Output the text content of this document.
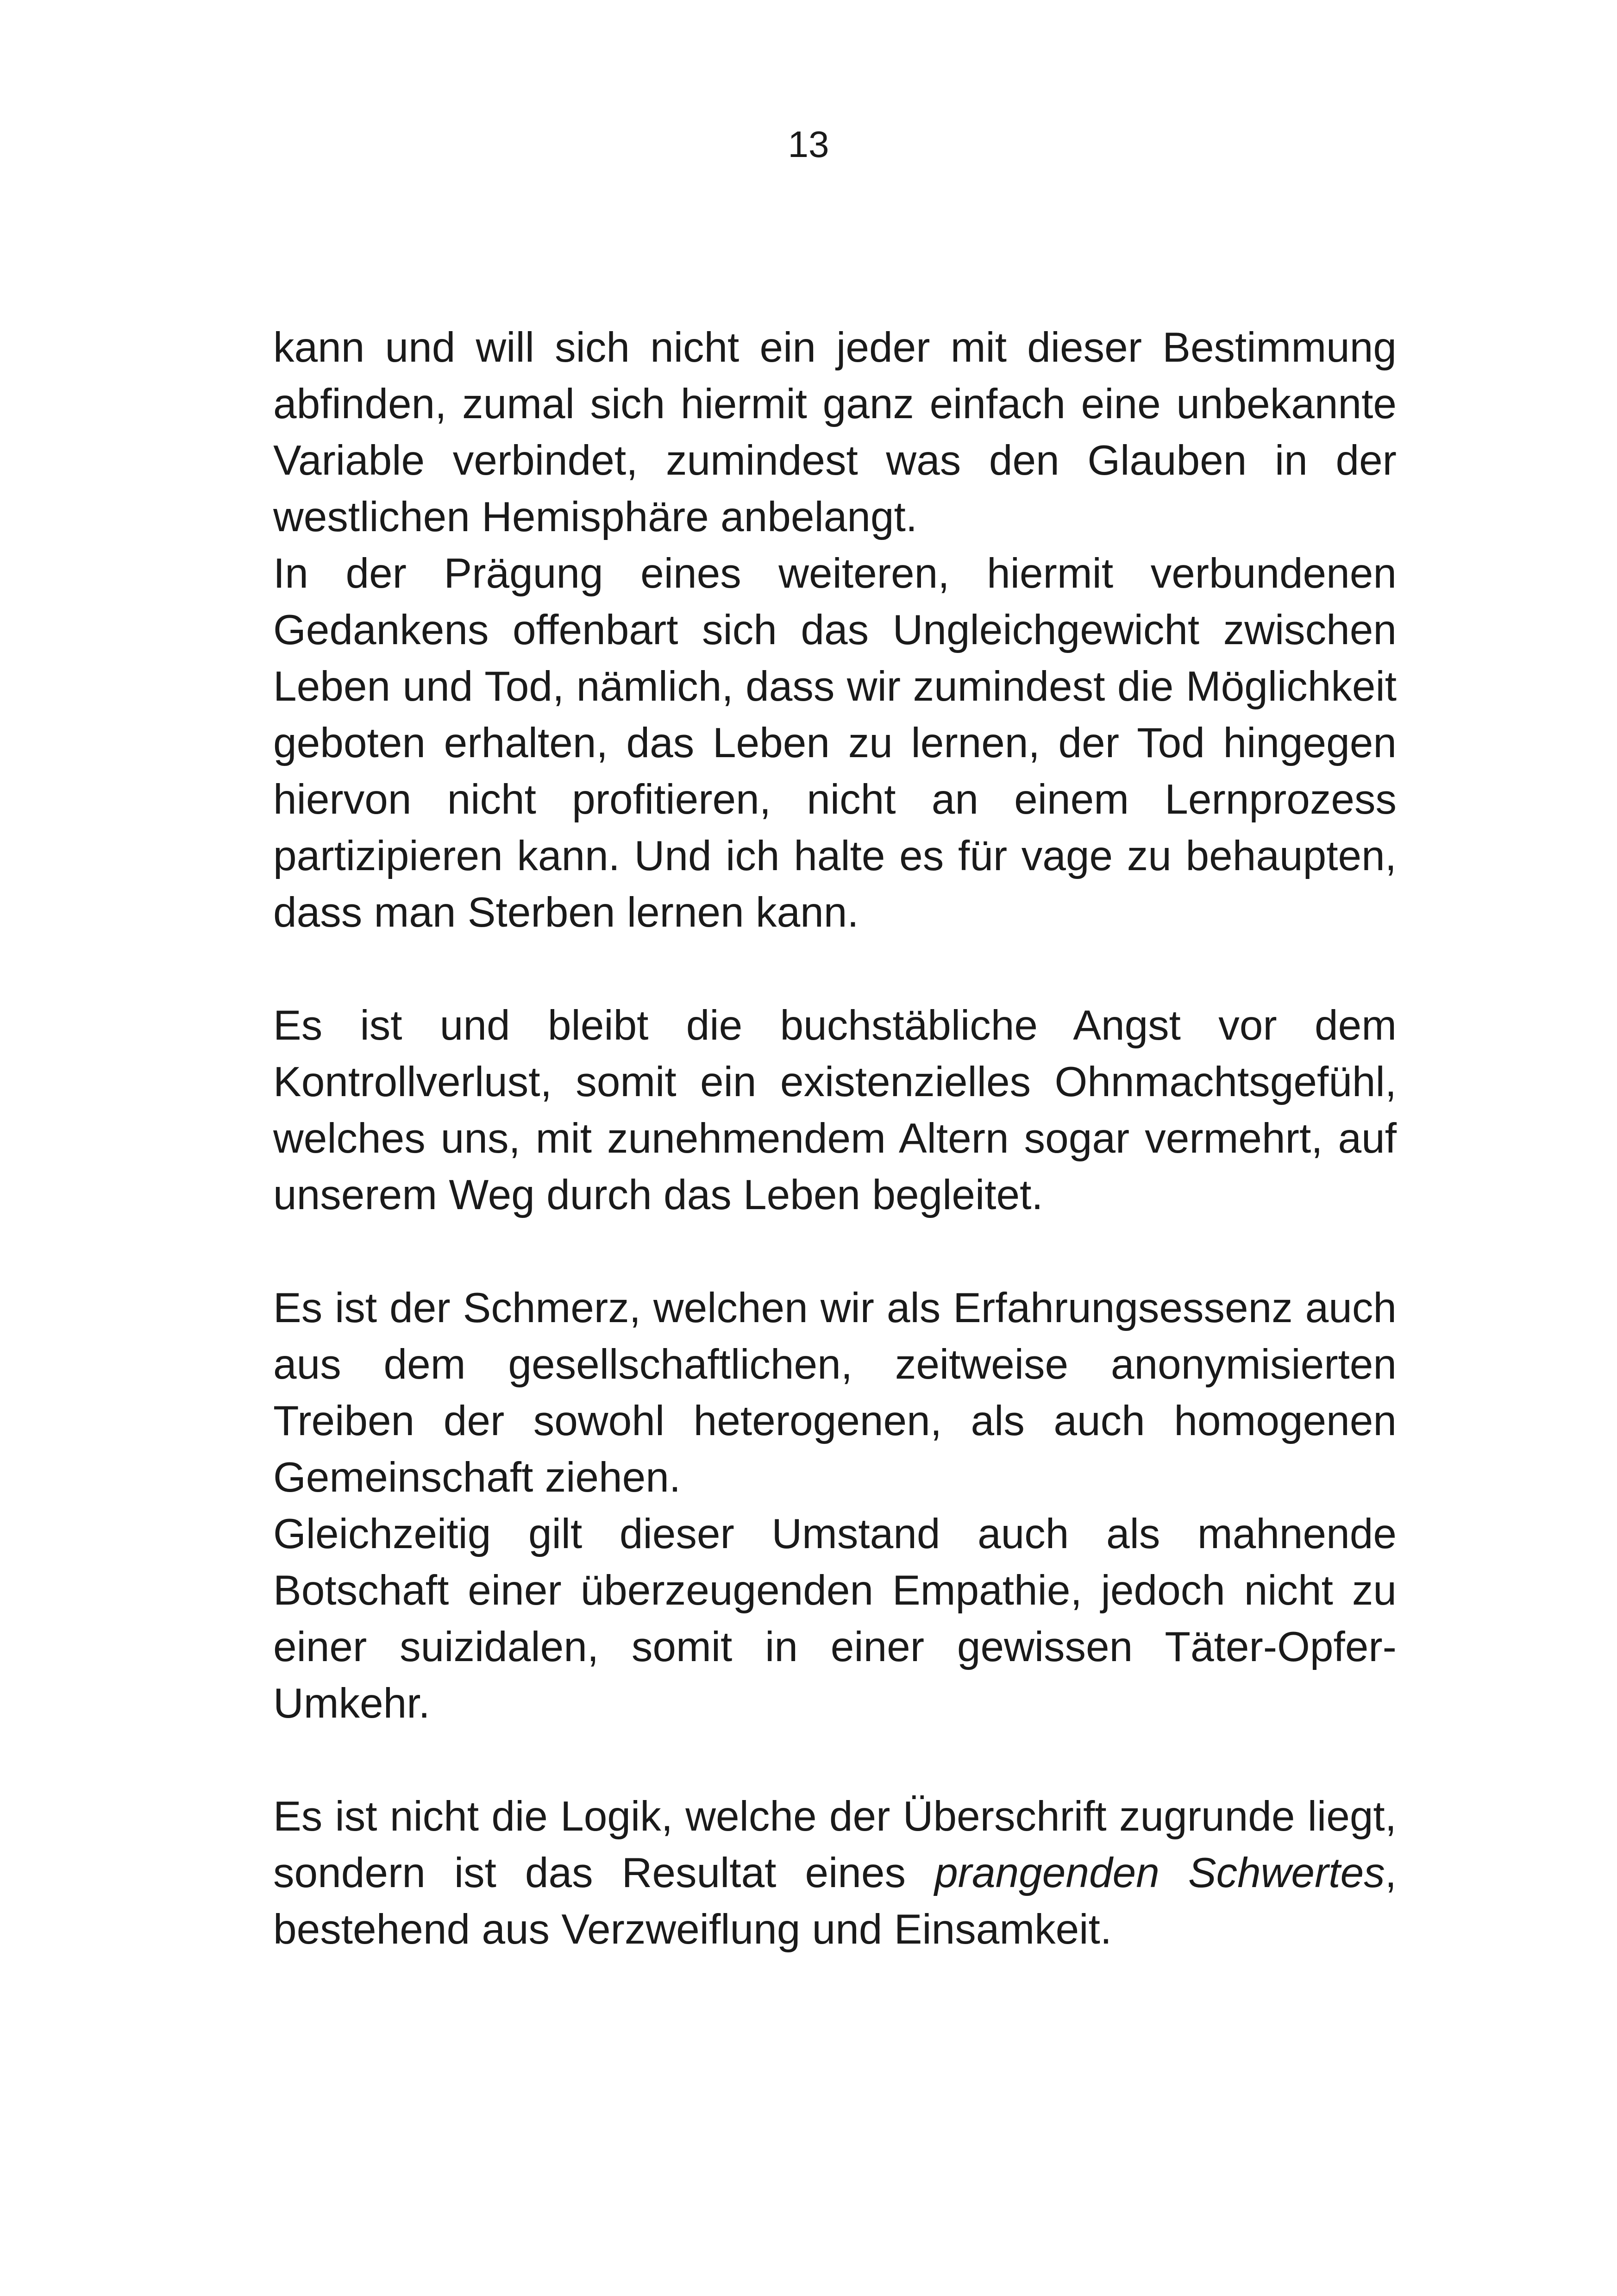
13

kann und will sich nicht ein jeder mit dieser Bestimmung abfinden, zumal sich hiermit ganz einfach eine unbekannte Variable verbindet, zumindest was den Glauben in der westlichen Hemisphäre anbelangt.

In der Prägung eines weiteren, hiermit verbundenen Gedankens offenbart sich das Ungleichgewicht zwischen Leben und Tod, nämlich, dass wir zumindest die Möglichkeit geboten erhalten, das Leben zu lernen, der Tod hingegen hiervon nicht profitieren, nicht an einem Lernprozess partizipieren kann. Und ich halte es für vage zu behaupten, dass man Sterben lernen kann.

Es ist und bleibt die buchstäbliche Angst vor dem Kontrollverlust, somit ein existenzielles Ohnmachtsgefühl, welches uns, mit zunehmendem Altern sogar vermehrt, auf unserem Weg durch das Leben begleitet.

Es ist der Schmerz, welchen wir als Erfahrungsessenz auch aus dem gesellschaftlichen, zeitweise anonymisierten Treiben der sowohl heterogenen, als auch homogenen Gemeinschaft ziehen.

Gleichzeitig gilt dieser Umstand auch als mahnende Botschaft einer überzeugenden Empathie, jedoch nicht zu einer suizidalen, somit in einer gewissen Täter-Opfer-Umkehr.

Es ist nicht die Logik, welche der Überschrift zugrunde liegt, sondern ist das Resultat eines prangenden Schwertes, bestehend aus Verzweiflung und Einsamkeit.
